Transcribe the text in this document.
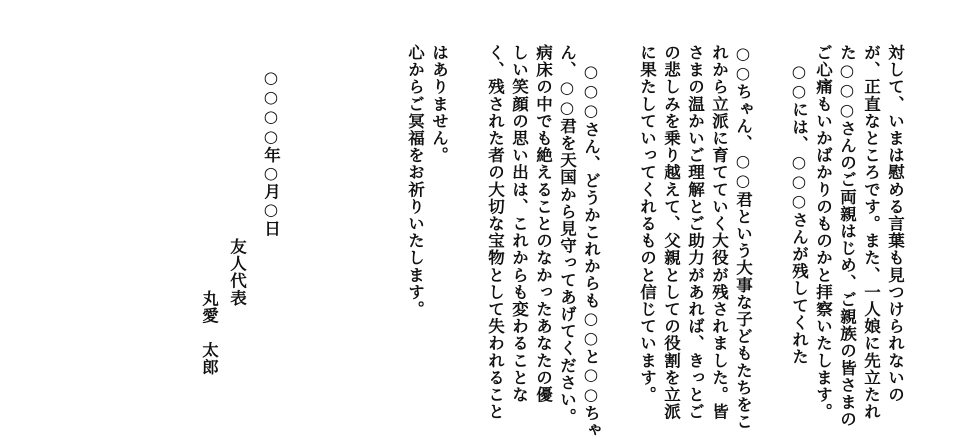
対して、いまは慰める言葉も見つけられないの
が、正直なところです。また、一人娘に先立たれ
た○○○さんのご両親はじめ、ご親族の皆さまの
ご心痛もいかばかりのものかと拝察いたします。
○○には、○○○さんが残してくれた
○○ちゃん、○○君という大事な子どもたちをこ
れから立派に育てていく大役が残されました。皆
さまの温かいご理解とご助力があれば、きっとご
の悲しみを乗り越えて、父親としての役割を立派
に果たしていってくれるものと信じています。
○○○さん、どうかこれからも○○と○○ちゃ
ん、○○君を天国から見守ってあげてください。
病床の中でも絶えることのなかったあなたの優
しい笑顔の思い出は、これからも変わることな
く、残された者の大切な宝物として失われること
はありません。
心からご冥福をお祈りいたします。
○○○○年○月○日
友人代表
丸愛　太郎
